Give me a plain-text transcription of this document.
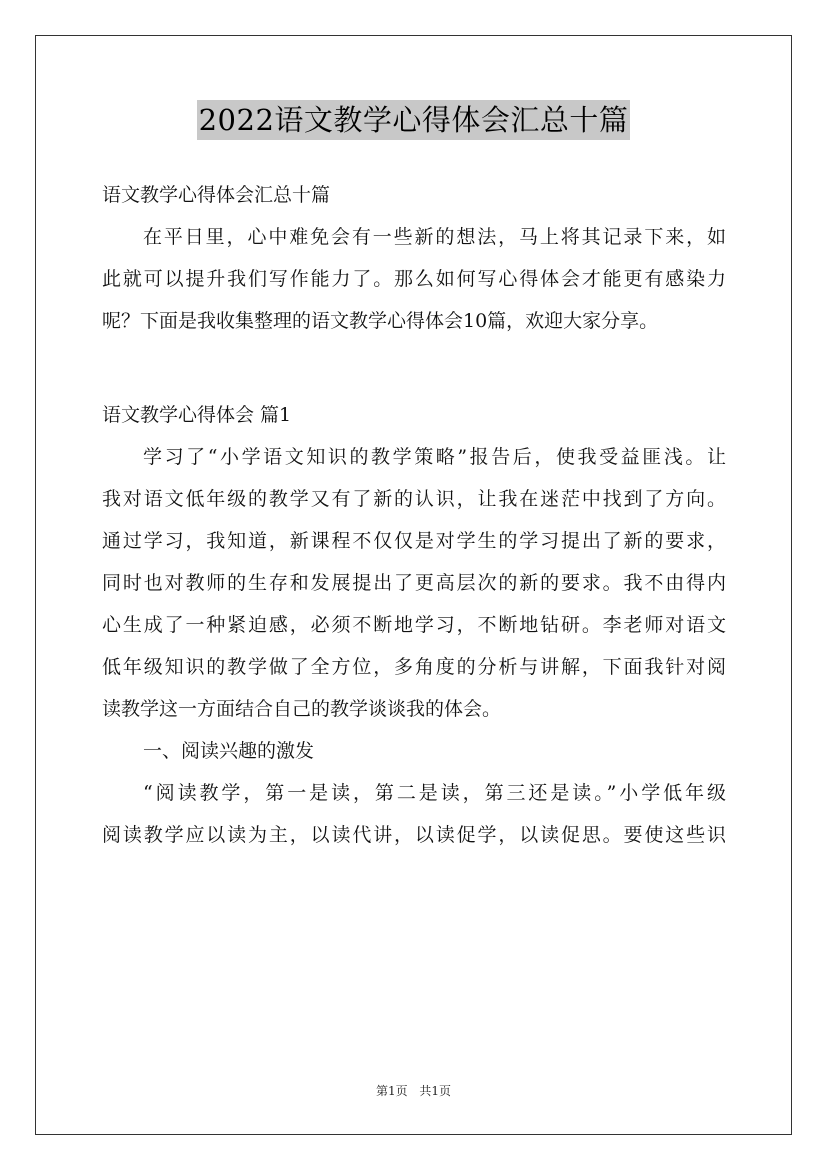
2022语文教学心得体会汇总十篇
语文教学心得体会汇总十篇
在平日里，心中难免会有一些新的想法，马上将其记录下来，如
此就可以提升我们写作能力了。那么如何写心得体会才能更有感染力
呢？下面是我收集整理的语文教学心得体会10篇，欢迎大家分享。
语文教学心得体会 篇1
学习了“小学语文知识的教学策略”报告后，使我受益匪浅。让
我对语文低年级的教学又有了新的认识，让我在迷茫中找到了方向。
通过学习，我知道，新课程不仅仅是对学生的学习提出了新的要求，
同时也对教师的生存和发展提出了更高层次的新的要求。我不由得内
心生成了一种紧迫感，必须不断地学习，不断地钻研。李老师对语文
低年级知识的教学做了全方位，多角度的分析与讲解，下面我针对阅
读教学这一方面结合自己的教学谈谈我的体会。
一、阅读兴趣的激发
“阅读教学，第一是读，第二是读，第三还是读。”小学低年级
阅读教学应以读为主，以读代讲，以读促学，以读促思。要使这些识
第1页 共1页
